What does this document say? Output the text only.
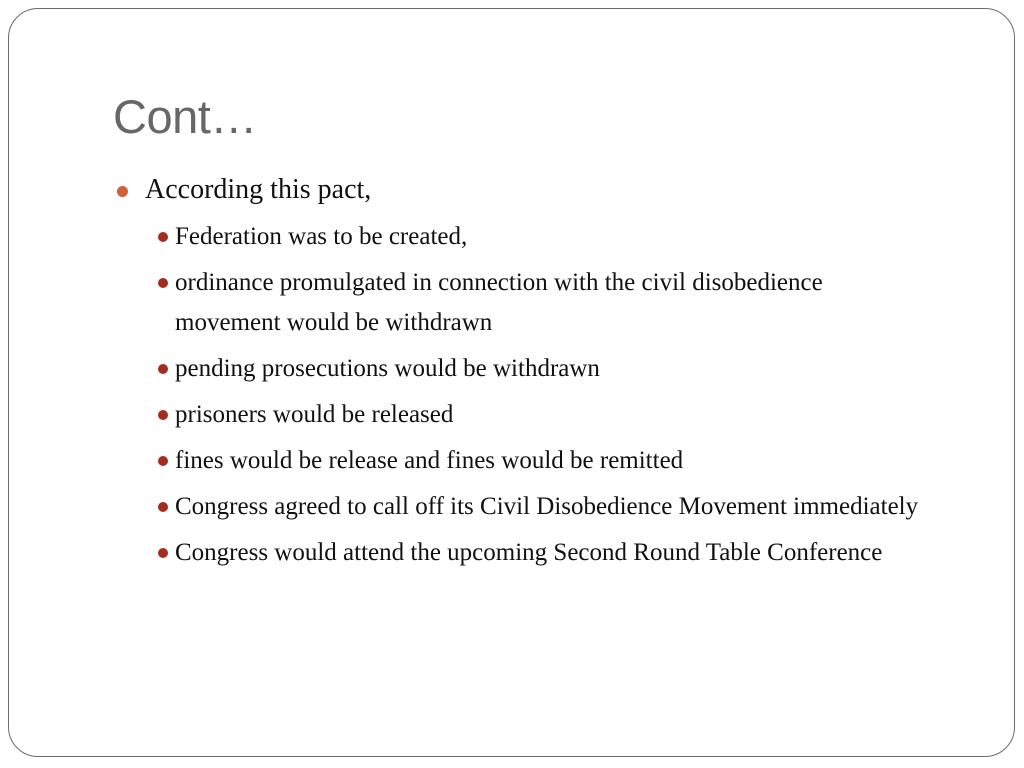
Cont…
According this pact,
Federation was to be created,
ordinance promulgated in connection with the civil disobedience movement would be withdrawn
pending prosecutions would be withdrawn
prisoners would be released
fines would be release and fines would be remitted
Congress agreed to call off its Civil Disobedience Movement immediately
Congress would attend the upcoming Second Round Table Conference
